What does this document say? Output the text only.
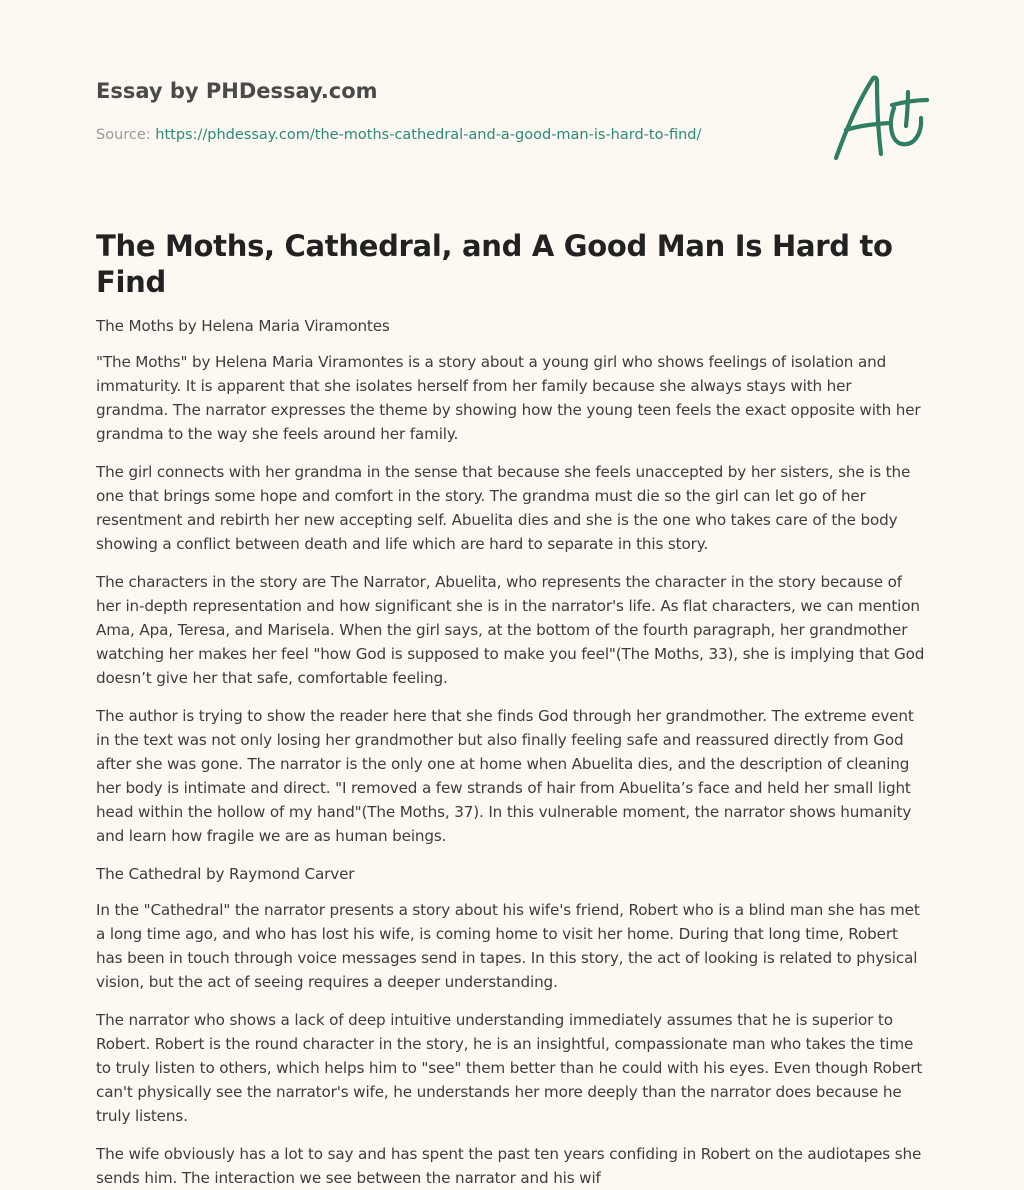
Essay by PHDessay.com
Source: https://phdessay.com/the-moths-cathedral-and-a-good-man-is-hard-to-find/
The Moths, Cathedral, and A Good Man Is Hard to Find

The Moths by Helena Maria Viramontes

"The Moths" by Helena Maria Viramontes is a story about a young girl who shows feelings of isolation and immaturity. It is apparent that she isolates herself from her family because she always stays with her grandma. The narrator expresses the theme by showing how the young teen feels the exact opposite with her grandma to the way she feels around her family.

The girl connects with her grandma in the sense that because she feels unaccepted by her sisters, she is the one that brings some hope and comfort in the story. The grandma must die so the girl can let go of her resentment and rebirth her new accepting self. Abuelita dies and she is the one who takes care of the body showing a conflict between death and life which are hard to separate in this story.

The characters in the story are The Narrator, Abuelita, who represents the character in the story because of her in-depth representation and how significant she is in the narrator's life. As flat characters, we can mention Ama, Apa, Teresa, and Marisela. When the girl says, at the bottom of the fourth paragraph, her grandmother watching her makes her feel "how God is supposed to make you feel"(The Moths, 33), she is implying that God doesn’t give her that safe, comfortable feeling.

The author is trying to show the reader here that she finds God through her grandmother. The extreme event in the text was not only losing her grandmother but also finally feeling safe and reassured directly from God after she was gone. The narrator is the only one at home when Abuelita dies, and the description of cleaning her body is intimate and direct. "I removed a few strands of hair from Abuelita’s face and held her small light head within the hollow of my hand"(The Moths, 37). In this vulnerable moment, the narrator shows humanity and learn how fragile we are as human beings.

The Cathedral by Raymond Carver

In the "Cathedral" the narrator presents a story about his wife's friend, Robert who is a blind man she has met a long time ago, and who has lost his wife, is coming home to visit her home. During that long time, Robert has been in touch through voice messages send in tapes. In this story, the act of looking is related to physical vision, but the act of seeing requires a deeper understanding.

The narrator who shows a lack of deep intuitive understanding immediately assumes that he is superior to Robert. Robert is the round character in the story, he is an insightful, compassionate man who takes the time to truly listen to others, which helps him to "see" them better than he could with his eyes. Even though Robert can't physically see the narrator's wife, he understands her more deeply than the narrator does because he truly listens.

The wife obviously has a lot to say and has spent the past ten years confiding in Robert on the audiotapes she sends him. The interaction we see between the narrator and his wif
